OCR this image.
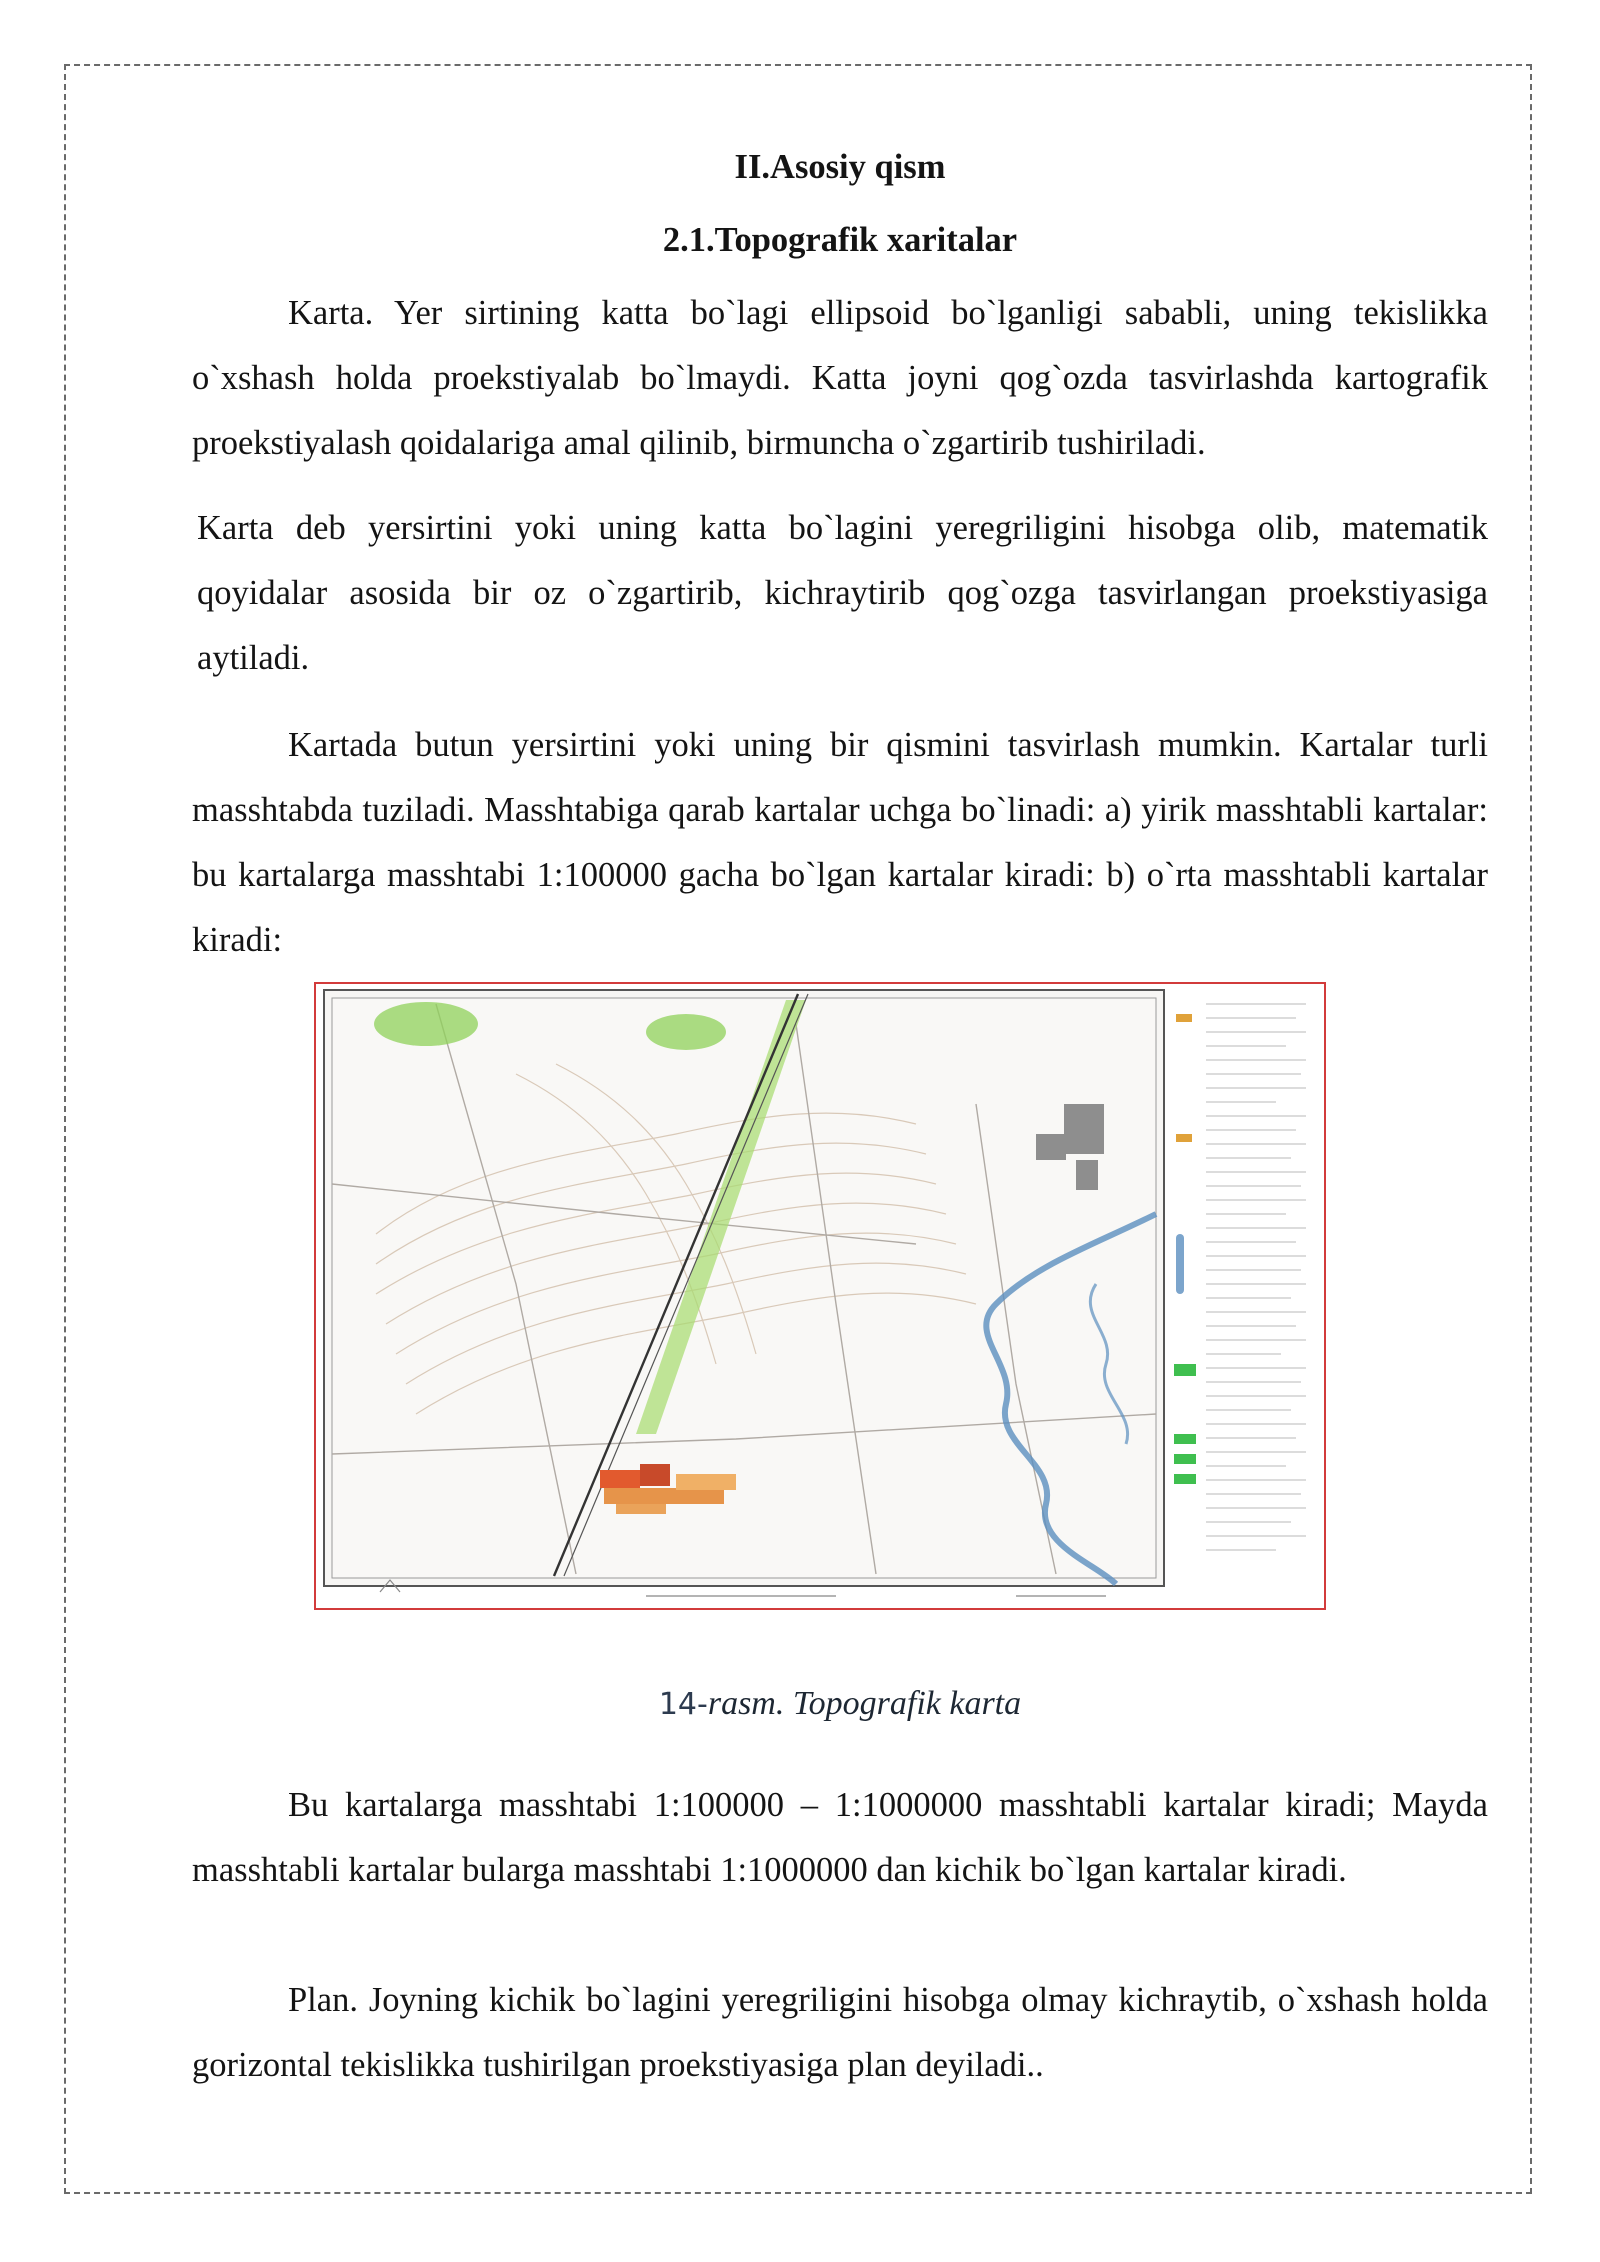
II.Asosiy qism
2.1.Topografik xaritalar

Karta. Yer sirtining katta bo`lagi ellipsoid bo`lganligi sababli, uning tekislikka o`xshash holda proekstiyalab bo`lmaydi. Katta joyni qog`ozda tasvirlashda kartografik proekstiyalash qoidalariga amal qilinib, birmuncha o`zgartirib tushiriladi.

Karta deb yersirtini yoki uning katta bo`lagini yeregriligini hisobga olib, matematik qoyidalar asosida bir oz o`zgartirib, kichraytirib qog`ozga tasvirlangan proekstiyasiga aytiladi.

Kartada butun yersirtini yoki uning bir qismini tasvirlash mumkin. Kartalar turli masshtabda tuziladi. Masshtabiga qarab kartalar uchga bo`linadi: a) yirik masshtabli kartalar: bu kartalarga masshtabi 1:100000 gacha bo`lgan kartalar kiradi: b) o`rta masshtabli kartalar kiradi:

14-rasm. Topografik karta

Bu kartalarga masshtabi 1:100000 – 1:1000000 masshtabli kartalar kiradi; Mayda masshtabli kartalar bularga masshtabi 1:1000000 dan kichik bo`lgan kartalar kiradi.

Plan. Joyning kichik bo`lagini yeregriligini hisobga olmay kichraytib, o`xshash holda gorizontal tekislikka tushirilgan proekstiyasiga plan deyiladi..
